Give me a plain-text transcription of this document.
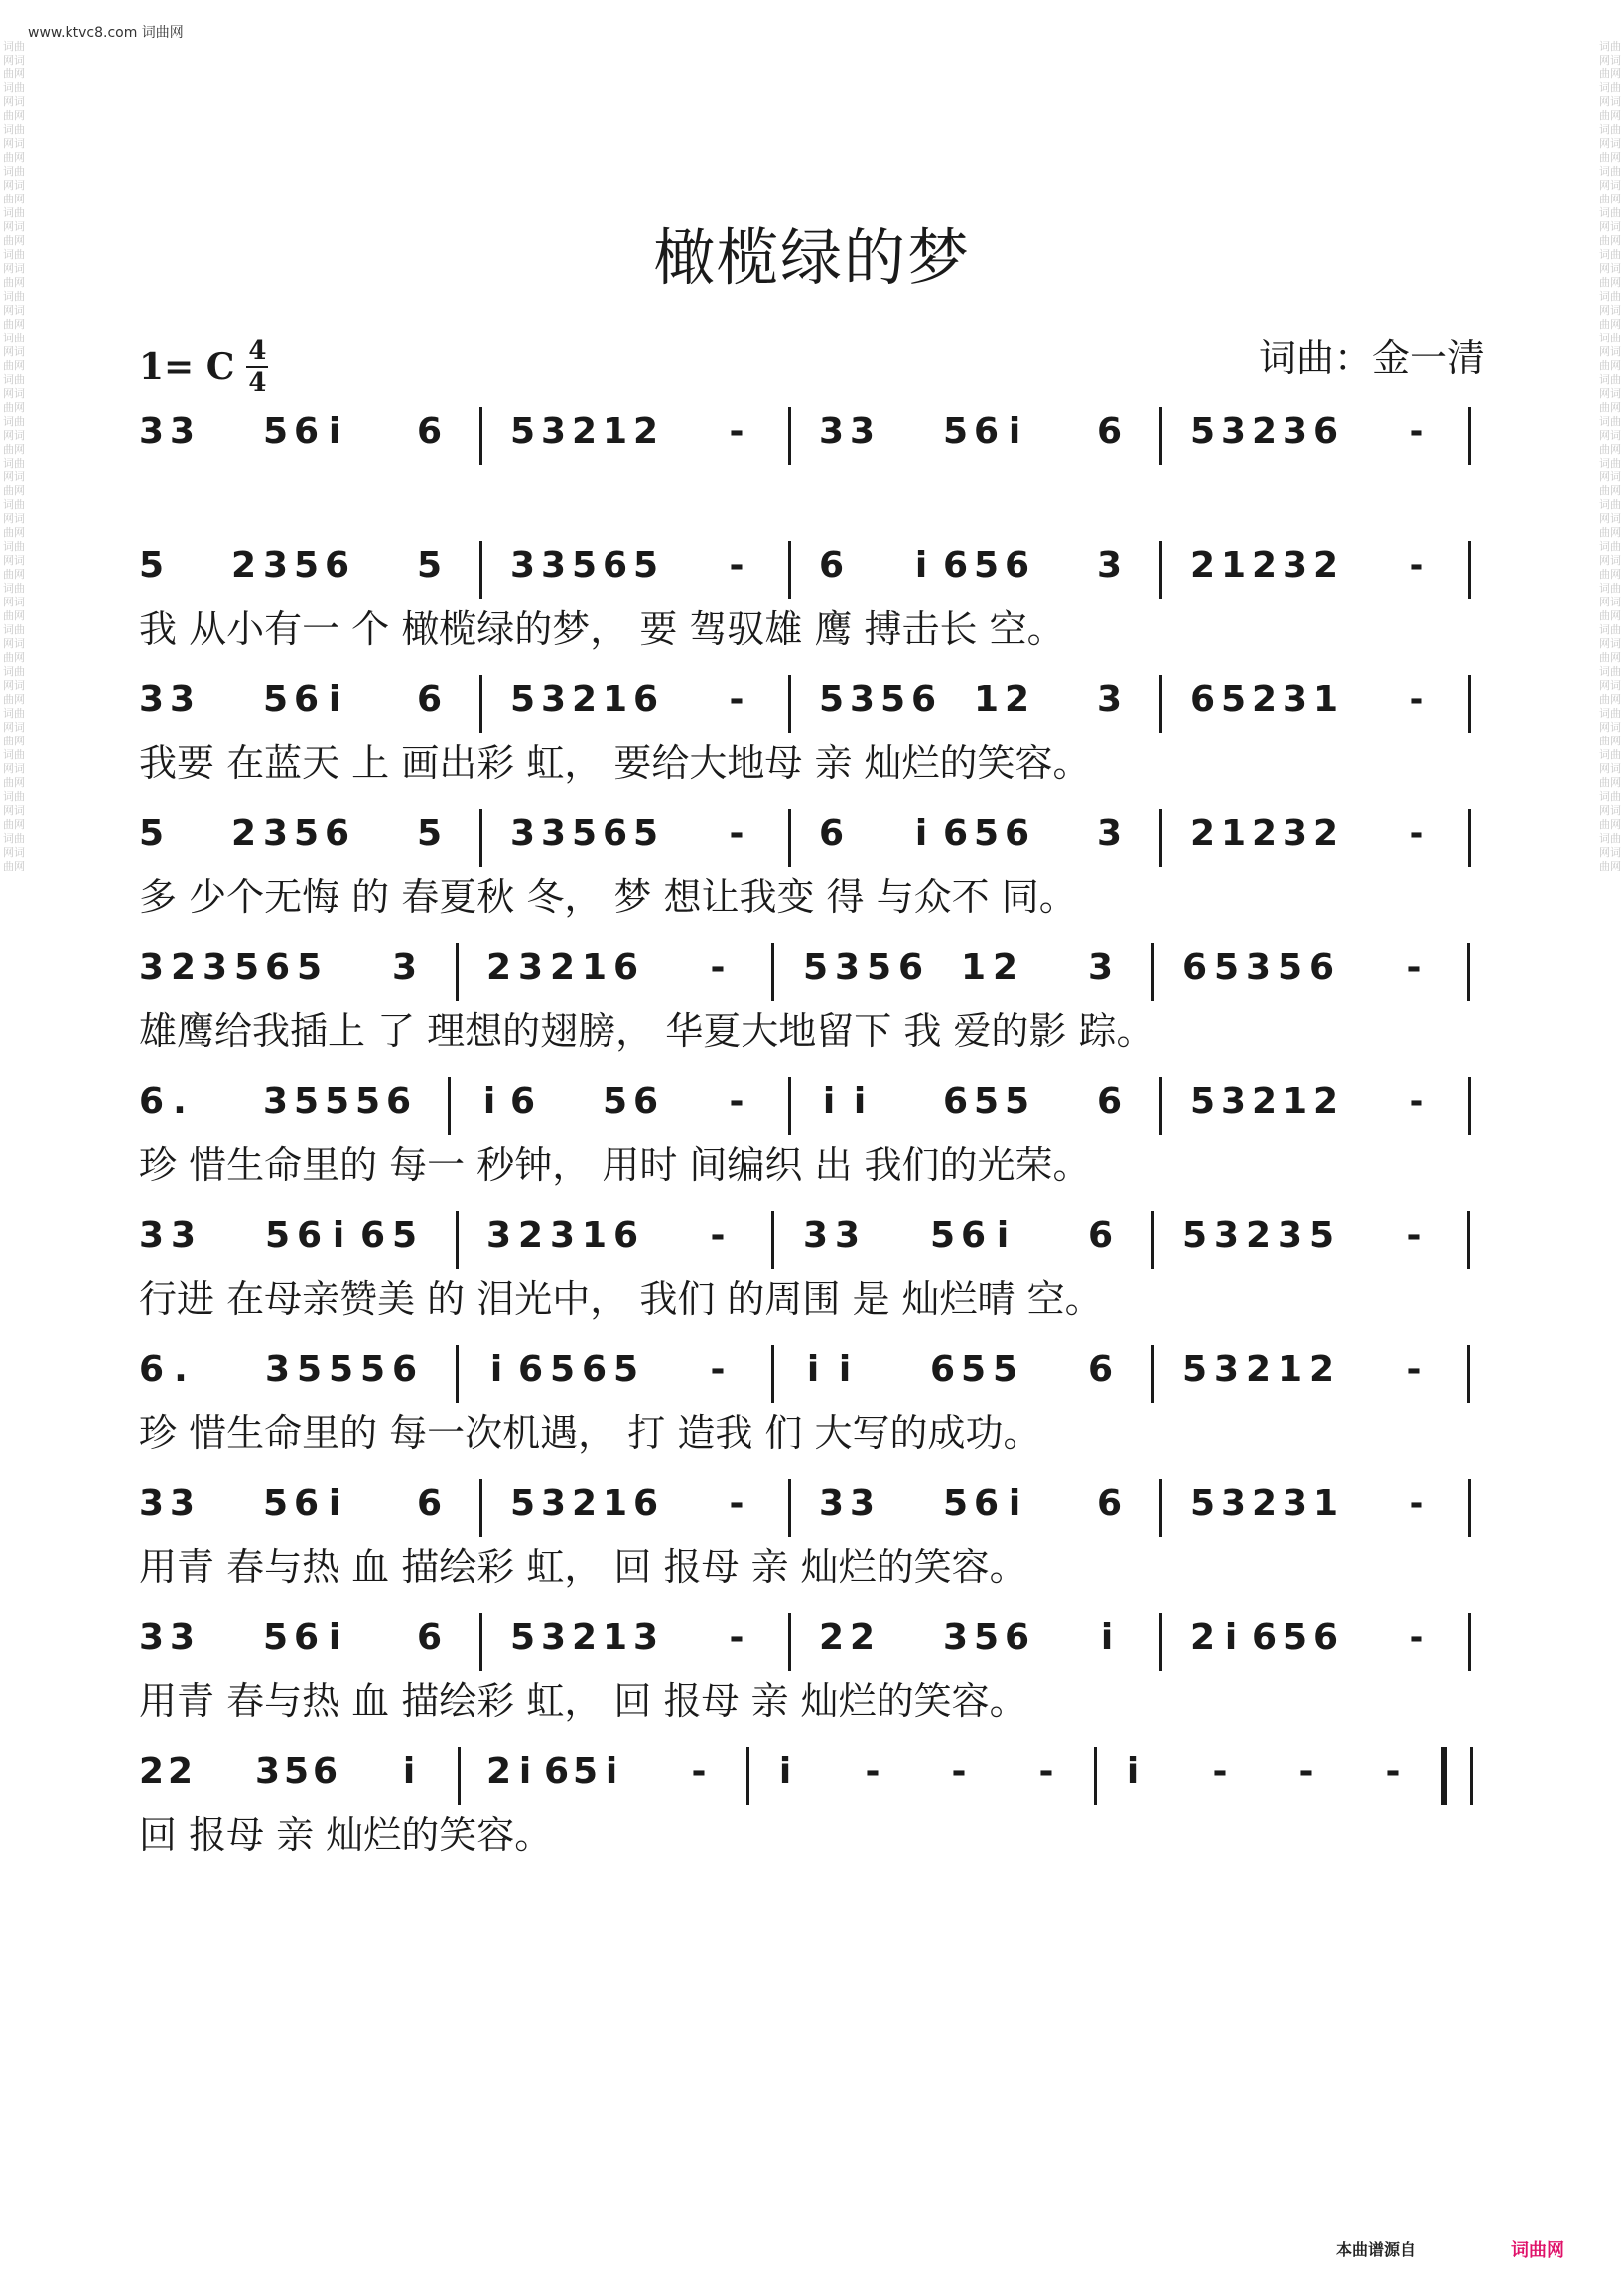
www.ktvc8.com 词曲网
词曲网词曲网词曲网词曲网词曲网词曲网词曲网词曲网词曲网词曲网词曲网词曲网词曲网词曲网词曲网词曲网词曲网词曲网词曲网词曲网词曲网词曲网词曲网词曲网词曲网词曲网词曲网词曲网词曲网词曲网词曲网词曲网词曲网词曲网词曲网词曲网词曲网词曲网词曲网词曲网
词曲网词曲网词曲网词曲网词曲网词曲网词曲网词曲网词曲网词曲网词曲网词曲网词曲网词曲网词曲网词曲网词曲网词曲网词曲网词曲网词曲网词曲网词曲网词曲网词曲网词曲网词曲网词曲网词曲网词曲网词曲网词曲网词曲网词曲网词曲网词曲网词曲网词曲网词曲网词曲网
橄榄绿的梦
1= C 4
4
词曲：金一清
3 3 5 6 i 6 5 3 2 1 2 - 3 3 5 6 i 6 5 3 2 3 6 -
5 2 3 5 6 5 3 3 5 6 5 - 6 i 6 5 6 3 2 1 2 3 2 -
我 从小有一 个 橄榄绿的梦， 要 驾驭雄 鹰 搏击长 空。
3 3 5 6 i 6 5 3 2 1 6 - 5 3 5 6 1 2 3 6 5 2 3 1 -
我要 在蓝天 上 画出彩 虹， 要给大地母 亲 灿烂的笑容。
5 2 3 5 6 5 3 3 5 6 5 - 6 i 6 5 6 3 2 1 2 3 2 -
多 少个无悔 的 春夏秋 冬， 梦 想让我变 得 与众不 同。
3 2 3 5 6 5 3 2 3 2 1 6 - 5 3 5 6 1 2 3 6 5 3 5 6 -
雄鹰给我插上 了 理想的翅膀， 华夏大地留下 我 爱的影 踪。
6 . 3 5 5 5 6 i 6 5 6 - i i 6 5 5 6 5 3 2 1 2 -
珍 惜生命里的 每一 秒钟， 用时 间编织 出 我们的光荣。
3 3 5 6 i 6 5 3 2 3 1 6 - 3 3 5 6 i 6 5 3 2 3 5 -
行进 在母亲赞美 的 泪光中， 我们 的周围 是 灿烂晴 空。
6 . 3 5 5 5 6 i 6 5 6 5 - i i 6 5 5 6 5 3 2 1 2 -
珍 惜生命里的 每一次机遇， 打 造我 们 大写的成功。
3 3 5 6 i 6 5 3 2 1 6 - 3 3 5 6 i 6 5 3 2 3 1 -
用青 春与热 血 描绘彩 虹， 回 报母 亲 灿烂的笑容。
3 3 5 6 i 6 5 3 2 1 3 - 2 2 3 5 6 i 2 i 6 5 6 -
用青 春与热 血 描绘彩 虹， 回 报母 亲 灿烂的笑容。
2 2 3 5 6 i 2 i 6 5 i - i - - - i - - -
回 报母 亲 灿烂的笑容。
本曲谱源自	词曲网
